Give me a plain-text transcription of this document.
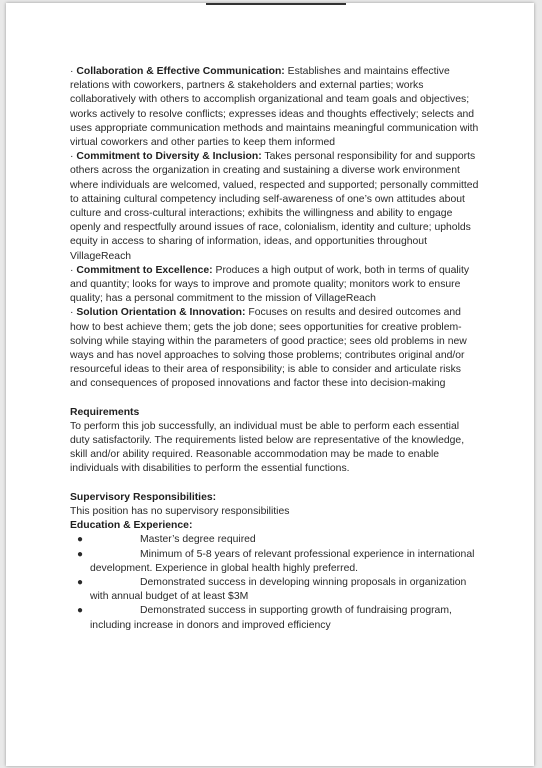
· Collaboration & Effective Communication: Establishes and maintains effective relations with coworkers, partners & stakeholders and external parties; works collaboratively with others to accomplish organizational and team goals and objectives; works actively to resolve conflicts; expresses ideas and thoughts effectively; selects and uses appropriate communication methods and maintains meaningful communication with virtual coworkers and other parties to keep them informed

· Commitment to Diversity & Inclusion: Takes personal responsibility for and supports others across the organization in creating and sustaining a diverse work environment where individuals are welcomed, valued, respected and supported; personally committed to attaining cultural competency including self-awareness of one’s own attitudes about culture and cross-cultural interactions; exhibits the willingness and ability to engage openly and respectfully around issues of race, colonialism, identity and culture; upholds equity in access to sharing of information, ideas, and opportunities throughout VillageReach

· Commitment to Excellence: Produces a high output of work, both in terms of quality and quantity; looks for ways to improve and promote quality; monitors work to ensure quality; has a personal commitment to the mission of VillageReach

· Solution Orientation & Innovation: Focuses on results and desired outcomes and how to best achieve them; gets the job done; sees opportunities for creative problem-solving while staying within the parameters of good practice; sees old problems in new ways and has novel approaches to solving those problems; contributes original and/or resourceful ideas to their area of responsibility; is able to consider and articulate risks and consequences of proposed innovations and factor these into decision-making

Requirements

To perform this job successfully, an individual must be able to perform each essential duty satisfactorily. The requirements listed below are representative of the knowledge, skill and/or ability required. Reasonable accommodation may be made to enable individuals with disabilities to perform the essential functions.

Supervisory Responsibilities:

This position has no supervisory responsibilities

Education & Experience:

●	Master’s degree required
●	Minimum of 5-8 years of relevant professional experience in international development. Experience in global health highly preferred.
●	Demonstrated success in developing winning proposals in organization with annual budget of at least $3M
●	Demonstrated success in supporting growth of fundraising program, including increase in donors and improved efficiency
